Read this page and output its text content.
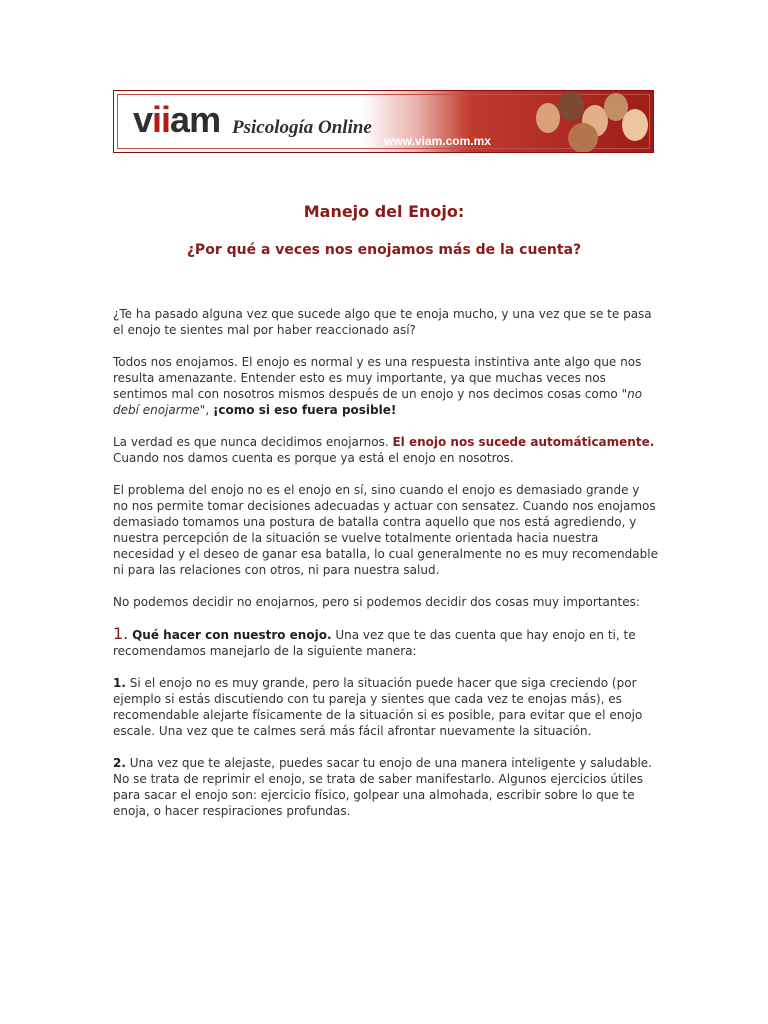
viiam Psicología Online
www.viam.com.mx
Manejo del Enojo:
¿Por qué a veces nos enojamos más de la cuenta?

¿Te ha pasado alguna vez que sucede algo que te enoja mucho, y una vez que se te pasa el enojo te sientes mal por haber reaccionado así?

Todos nos enojamos. El enojo es normal y es una respuesta instintiva ante algo que nos resulta amenazante. Entender esto es muy importante, ya que muchas veces nos sentimos mal con nosotros mismos después de un enojo y nos decimos cosas como "no debí enojarme", ¡como si eso fuera posible!

La verdad es que nunca decidimos enojarnos. El enojo nos sucede automáticamente. Cuando nos damos cuenta es porque ya está el enojo en nosotros.

El problema del enojo no es el enojo en sí, sino cuando el enojo es demasiado grande y no nos permite tomar decisiones adecuadas y actuar con sensatez. Cuando nos enojamos demasiado tomamos una postura de batalla contra aquello que nos está agrediendo, y nuestra percepción de la situación se vuelve totalmente orientada hacia nuestra necesidad y el deseo de ganar esa batalla, lo cual generalmente no es muy recomendable ni para las relaciones con otros, ni para nuestra salud.

No podemos decidir no enojarnos, pero si podemos decidir dos cosas muy importantes:

1. Qué hacer con nuestro enojo. Una vez que te das cuenta que hay enojo en ti, te recomendamos manejarlo de la siguiente manera:

1. Si el enojo no es muy grande, pero la situación puede hacer que siga creciendo (por ejemplo si estás discutiendo con tu pareja y sientes que cada vez te enojas más), es recomendable alejarte físicamente de la situación si es posible, para evitar que el enojo escale. Una vez que te calmes será más fácil afrontar nuevamente la situación.

2. Una vez que te alejaste, puedes sacar tu enojo de una manera inteligente y saludable. No se trata de reprimir el enojo, se trata de saber manifestarlo. Algunos ejercicios útiles para sacar el enojo son: ejercicio físico, golpear una almohada, escribir sobre lo que te enoja, o hacer respiraciones profundas.
